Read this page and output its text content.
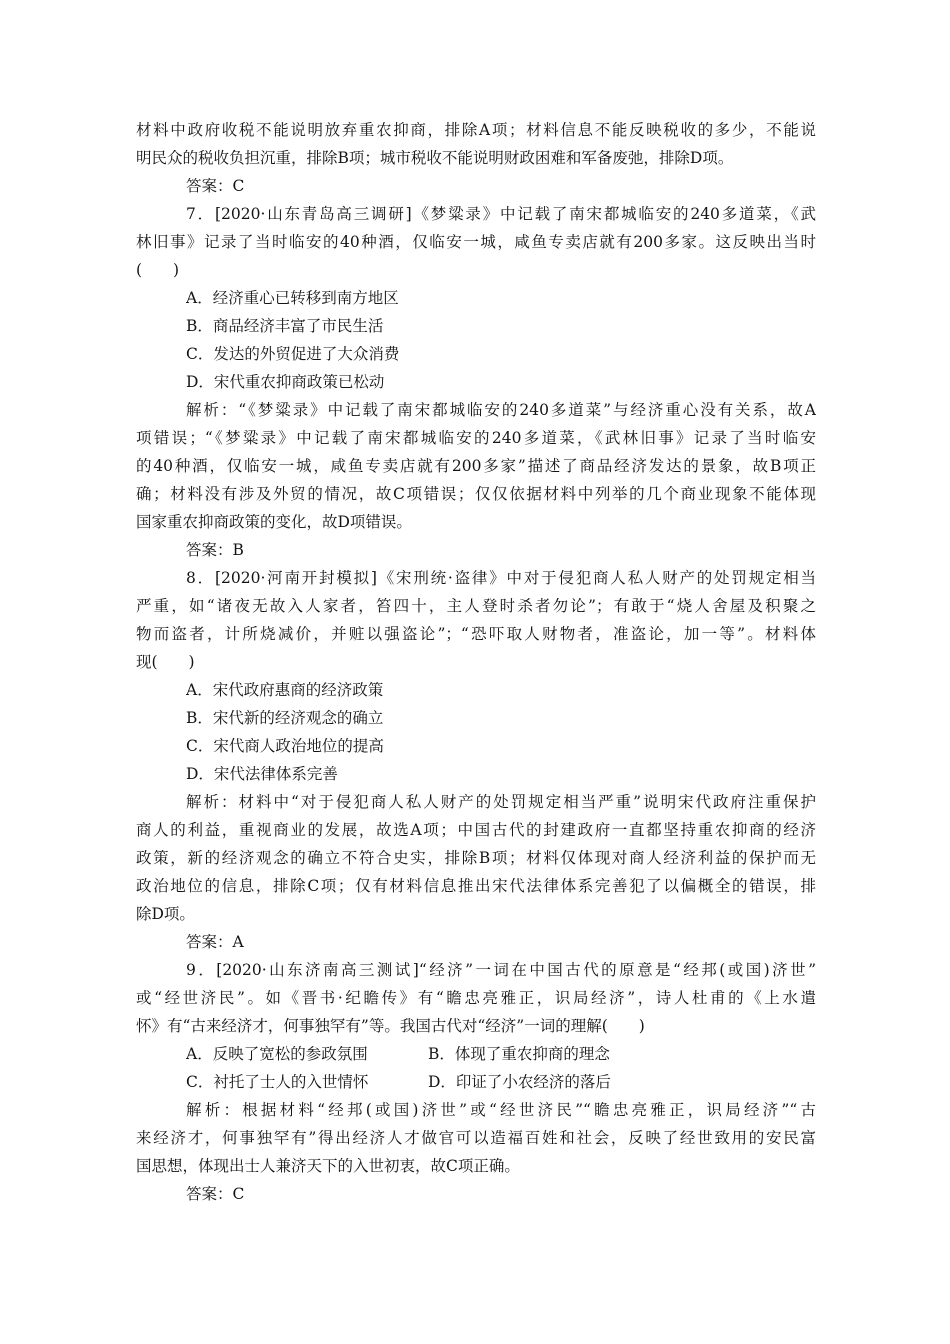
材料中政府收税不能说明放弃重农抑商，排除A项；材料信息不能反映税收的多少，不能说
明民众的税收负担沉重，排除B项；城市税收不能说明财政困难和军备废弛，排除D项。
答案：C
7．[2020·山东青岛高三调研]《梦粱录》中记载了南宋都城临安的240多道菜，《武
林旧事》记录了当时临安的40种酒，仅临安一城，咸鱼专卖店就有200多家。这反映出当时
(　　)
A．经济重心已转移到南方地区
B．商品经济丰富了市民生活
C．发达的外贸促进了大众消费
D．宋代重农抑商政策已松动
解析：“《梦粱录》中记载了南宋都城临安的240多道菜”与经济重心没有关系，故A
项错误；“《梦粱录》中记载了南宋都城临安的240多道菜，《武林旧事》记录了当时临安
的40种酒，仅临安一城，咸鱼专卖店就有200多家”描述了商品经济发达的景象，故B项正
确；材料没有涉及外贸的情况，故C项错误；仅仅依据材料中列举的几个商业现象不能体现
国家重农抑商政策的变化，故D项错误。
答案：B
8．[2020·河南开封模拟]《宋刑统·盗律》中对于侵犯商人私人财产的处罚规定相当
严重，如“诸夜无故入人家者，笞四十，主人登时杀者勿论”；有敢于“烧人舍屋及积聚之
物而盗者，计所烧减价，并赃以强盗论”；“恐吓取人财物者，准盗论，加一等”。材料体
现(　　)
A．宋代政府惠商的经济政策
B．宋代新的经济观念的确立
C．宋代商人政治地位的提高
D．宋代法律体系完善
解析：材料中“对于侵犯商人私人财产的处罚规定相当严重”说明宋代政府注重保护
商人的利益，重视商业的发展，故选A项；中国古代的封建政府一直都坚持重农抑商的经济
政策，新的经济观念的确立不符合史实，排除B项；材料仅体现对商人经济利益的保护而无
政治地位的信息，排除C项；仅有材料信息推出宋代法律体系完善犯了以偏概全的错误，排
除D项。
答案：A
9．[2020·山东济南高三测试]“经济”一词在中国古代的原意是“经邦(或国)济世”
或“经世济民”。如《晋书·纪瞻传》有“瞻忠亮雅正，识局经济”，诗人杜甫的《上水遣
怀》有“古来经济才，何事独罕有”等。我国古代对“经济”一词的理解(　　)
A．反映了宽松的参政氛围	B．体现了重农抑商的理念
C．衬托了士人的入世情怀	D．印证了小农经济的落后
解析：根据材料“经邦(或国)济世”或“经世济民”“瞻忠亮雅正，识局经济”“古
来经济才，何事独罕有”得出经济人才做官可以造福百姓和社会，反映了经世致用的安民富
国思想，体现出士人兼济天下的入世初衷，故C项正确。
答案：C
